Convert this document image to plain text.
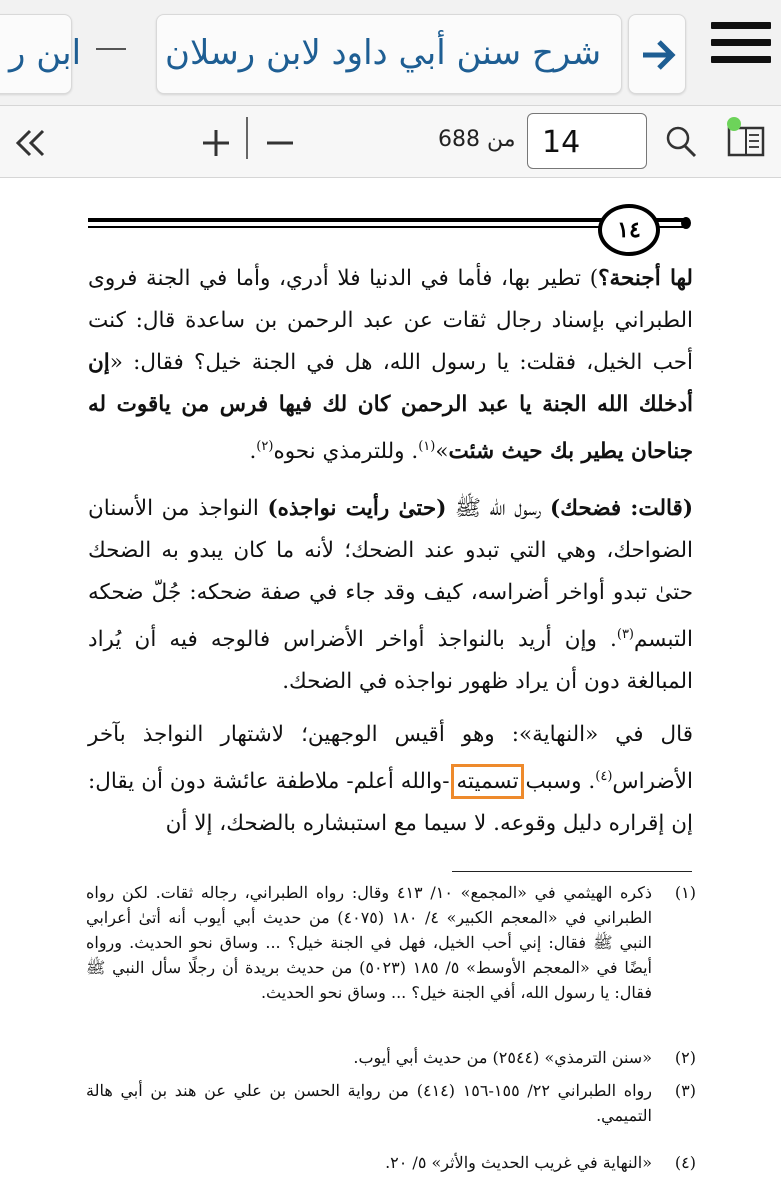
ابن ر شرح سنن أبي داود لابن رسلان
من 688 14
١٤
لها أجنحة؟) تطير بها، فأما في الدنيا فلا أدري، وأما في الجنة فروى الطبراني بإسناد رجال ثقات عن عبد الرحمن بن ساعدة قال: كنت أحب الخيل، فقلت: يا رسول الله، هل في الجنة خيل؟ فقال: «إن أدخلك الله الجنة يا عبد الرحمن كان لك فيها فرس من ياقوت له جناحان يطير بك حيث شئت»$^{(١)}$. وللترمذي نحوه$^{(٢)}$.
(قالت: فضحك) رسول الله ﷺ (حتىٰ رأيت نواجذه) النواجذ من الأسنان الضواحك، وهي التي تبدو عند الضحك؛ لأنه ما كان يبدو به الضحك حتىٰ تبدو أواخر أضراسه، كيف وقد جاء في صفة ضحكه: جُلّ ضحكه التبسم$^{(٣)}$. وإن أريد بالنواجذ أواخر الأضراس فالوجه فيه أن يُراد المبالغة دون أن يراد ظهور نواجذه في الضحك.
قال في «النهاية»: وهو أقيس الوجهين؛ لاشتهار النواجذ بآخر الأضراس$^{(٤)}$. وسبب تسميته -والله أعلم- ملاطفة عائشة دون أن يقال: إن إقراره دليل وقوعه. لا سيما مع استبشاره بالضحك، إلا أن
(١)
ذكره الهيثمي في «المجمع» ١٠/ ٤١٣ وقال: رواه الطبراني، رجاله ثقات. لكن رواه الطبراني في «المعجم الكبير» ٤/ ١٨٠ (٤٠٧٥) من حديث أبي أيوب أنه أتىٰ أعرابي النبي ﷺ فقال: إني أحب الخيل، فهل في الجنة خيل؟ ... وساق نحو الحديث. ورواه أيضًا في «المعجم الأوسط» ٥/ ١٨٥ (٥٠٢٣) من حديث بريدة أن رجلًا سأل النبي ﷺ فقال: يا رسول الله، أفي الجنة خيل؟ ... وساق نحو الحديث.
(٢)
«سنن الترمذي» (٢٥٤٤) من حديث أبي أيوب.
(٣)
رواه الطبراني ٢٢/ ١٥٥-١٥٦ (٤١٤) من رواية الحسن بن علي عن هند بن أبي هالة التميمي.
(٤)
«النهاية في غريب الحديث والأثر» ٥/ ٢٠.
